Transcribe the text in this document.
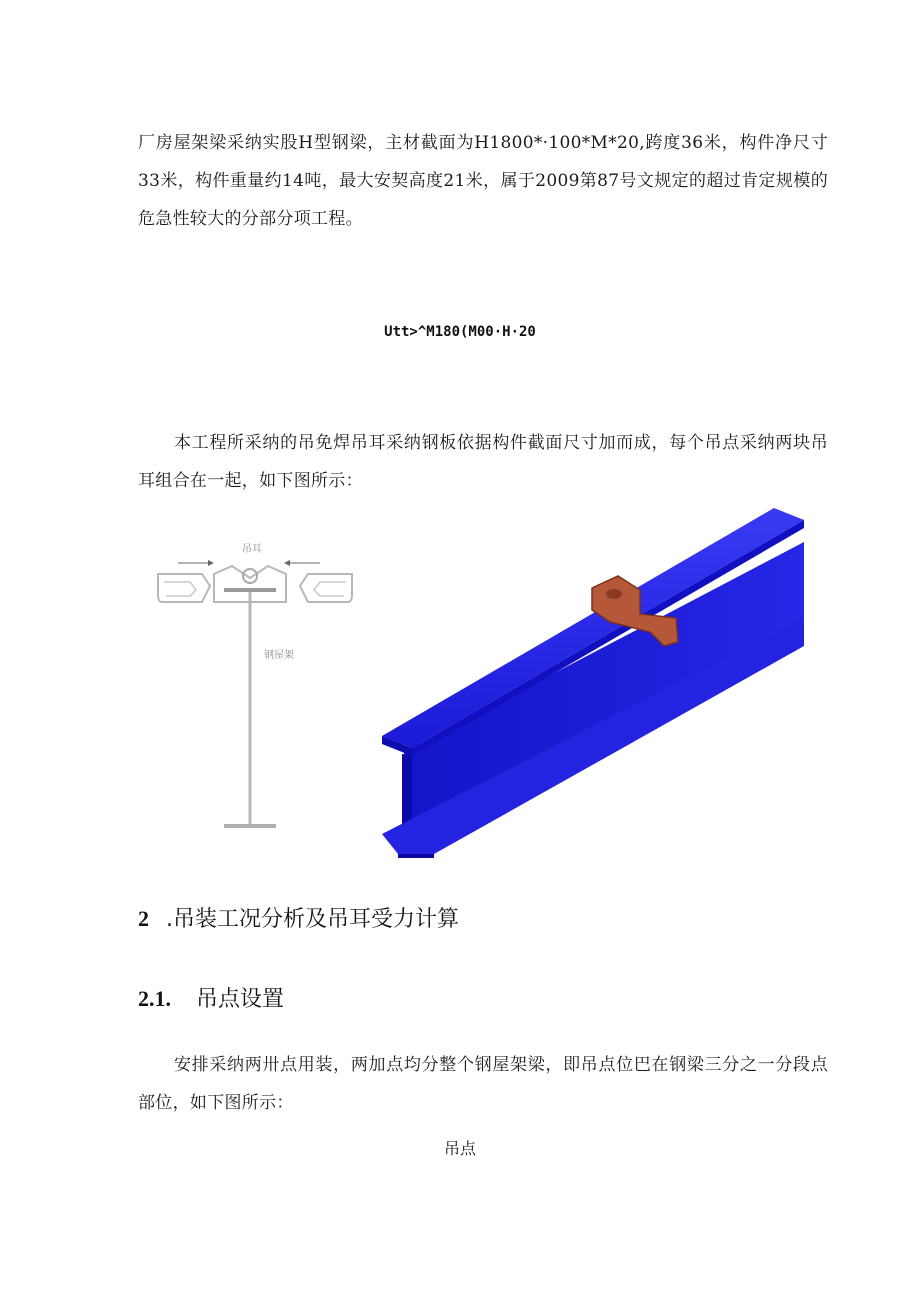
厂房屋架梁采纳实股H型钢梁，主材截面为H1800*·100*M*20,跨度36米，构件净尺寸33米，构件重量约14吨，最大安契高度21米，属于2009第87号文规定的超过肯定规模的危急性较大的分部分项工程。

Utt>^M180(M00·H·20

本工程所采纳的吊免焊吊耳采纳钢板依据构件截面尺寸加而成，每个吊点采纳两块吊耳组合在一起，如下图所示：

吊耳
钢屋架
2 .吊装工况分析及吊耳受力计算
2.1. 吊点设置

安排采纳两卅点用装，两加点均分整个钢屋架梁，即吊点位巴在钢梁三分之一分段点部位，如下图所示：

吊点
